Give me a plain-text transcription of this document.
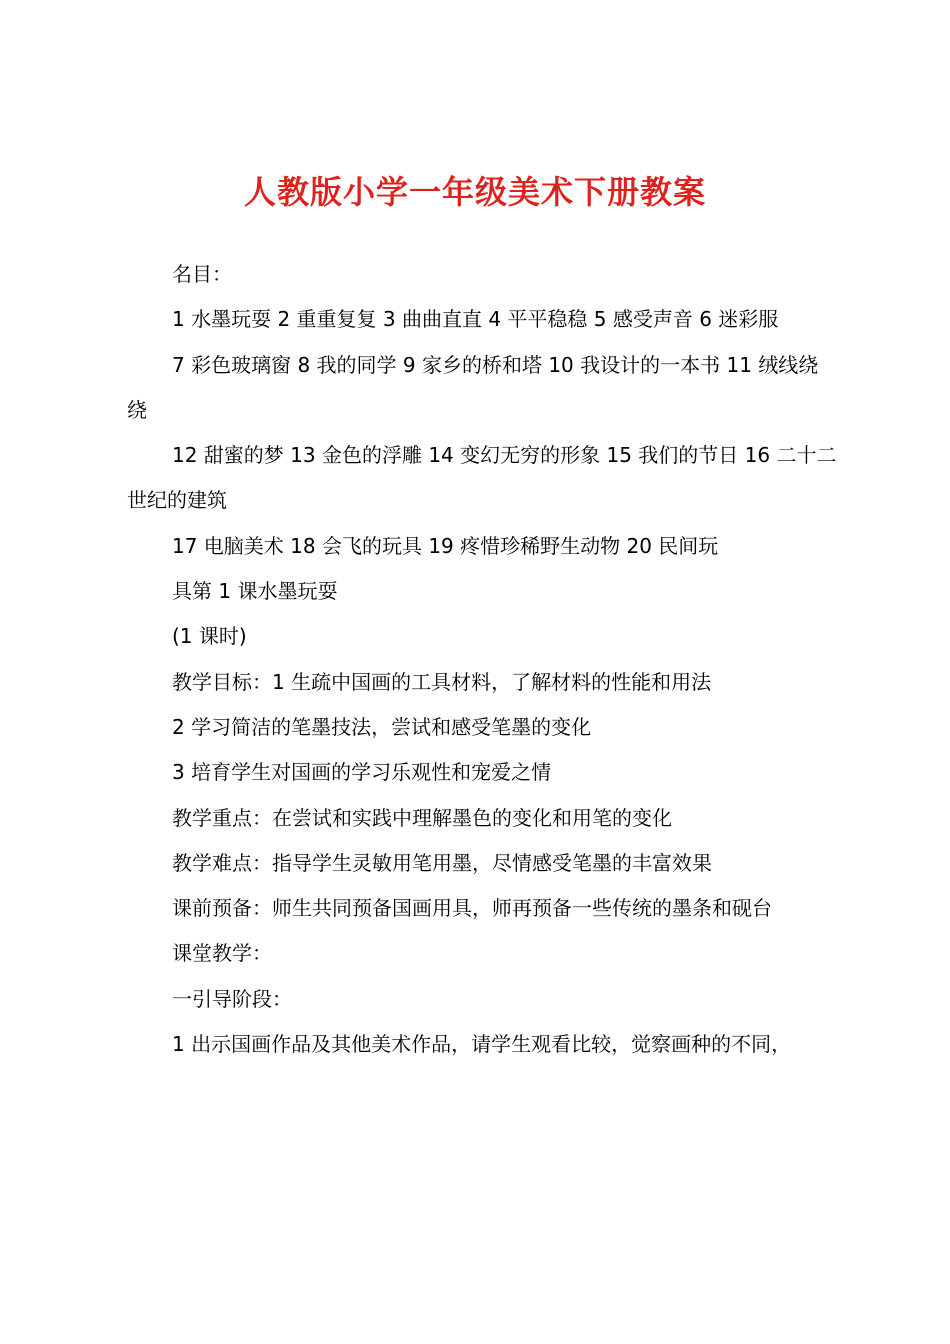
人教版小学一年级美术下册教案

名目：

1 水墨玩耍 2 重重复复 3 曲曲直直 4 平平稳稳 5 感受声音 6 迷彩服

7 彩色玻璃窗 8 我的同学 9 家乡的桥和塔 10 我设计的一本书 11 绒线绕绕

12 甜蜜的梦 13 金色的浮雕 14 变幻无穷的形象 15 我们的节日 16 二十二世纪的建筑

17 电脑美术 18 会飞的玩具 19 疼惜珍稀野生动物 20 民间玩

具第 1 课水墨玩耍

(1 课时)

教学目标：1 生疏中国画的工具材料，了解材料的性能和用法

2 学习简洁的笔墨技法，尝试和感受笔墨的变化

3 培育学生对国画的学习乐观性和宠爱之情

教学重点：在尝试和实践中理解墨色的变化和用笔的变化

教学难点：指导学生灵敏用笔用墨，尽情感受笔墨的丰富效果

课前预备：师生共同预备国画用具，师再预备一些传统的墨条和砚台

课堂教学：

一引导阶段：

1 出示国画作品及其他美术作品，请学生观看比较，觉察画种的不同，
